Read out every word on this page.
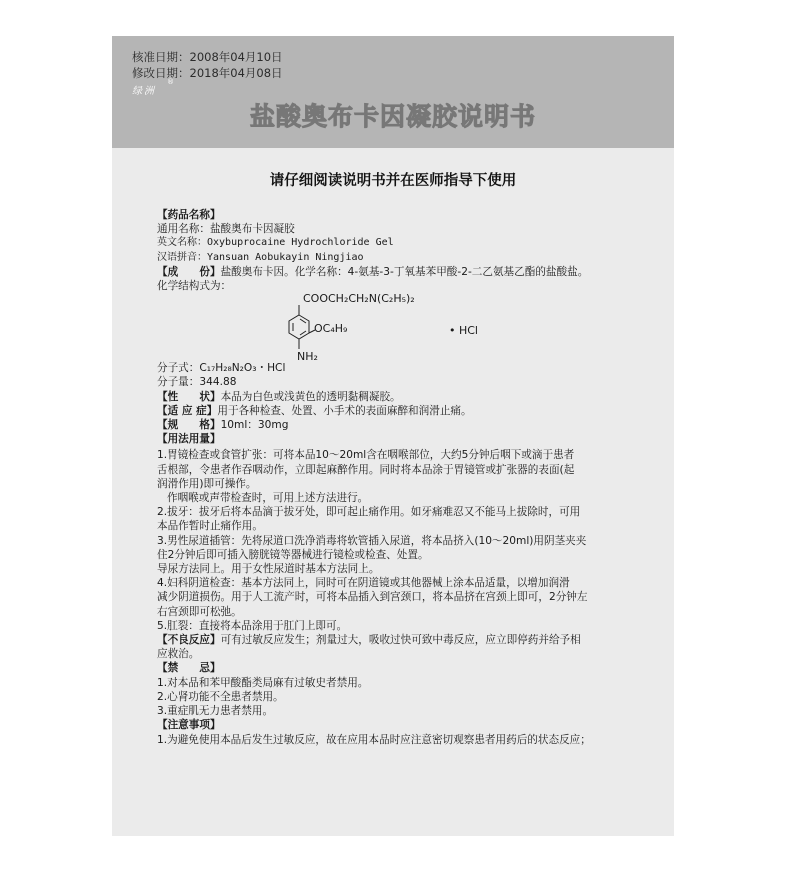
核准日期：2008年04月10日
修改日期：2018年04月08日
绿洲
®
盐酸奥布卡因凝胶说明书
请仔细阅读说明书并在医师指导下使用
【药品名称】
通用名称：盐酸奥布卡因凝胶
英文名称：Oxybuprocaine Hydrochloride Gel
汉语拼音：Yansuan Aobukayin Ningjiao
【成　　份】盐酸奥布卡因。化学名称：4-氨基-3-丁氧基苯甲酸-2-二乙氨基乙酯的盐酸盐。
化学结构式为：
COOCH₂CH₂N(C₂H₅)₂
OC₄H₉
NH₂
• HCl
分子式：C₁₇H₂₈N₂O₃・HCl
分子量：344.88
【性　　状】本品为白色或浅黄色的透明黏稠凝胶。
【适 应 症】用于各种检查、处置、小手术的表面麻醉和润滑止痛。
【规　　格】10ml：30mg
【用法用量】
1.胃镜检查或食管扩张：可将本品10～20ml含在咽喉部位，大约5分钟后咽下或滴于患者
舌根部，令患者作吞咽动作，立即起麻醉作用。同时将本品涂于胃镜管或扩张器的表面(起
润滑作用)即可操作。
作咽喉或声带检查时，可用上述方法进行。
2.拔牙：拔牙后将本品滴于拔牙处，即可起止痛作用。如牙痛难忍又不能马上拔除时，可用
本品作暂时止痛作用。
3.男性尿道插管：先将尿道口洗净消毒将软管插入尿道，将本品挤入(10～20ml)用阴茎夹夹
住2分钟后即可插入膀胱镜等器械进行镜检或检查、处置。
导尿方法同上。用于女性尿道时基本方法同上。
4.妇科阴道检查：基本方法同上，同时可在阴道镜或其他器械上涂本品适量，以增加润滑
减少阴道损伤。用于人工流产时，可将本品插入到宫颈口，将本品挤在宫颈上即可，2分钟左
右宫颈即可松弛。
5.肛裂：直接将本品涂用于肛门上即可。
【不良反应】可有过敏反应发生；剂量过大，吸收过快可致中毒反应，应立即停药并给予相
应救治。
【禁　　忌】
1.对本品和苯甲酸酯类局麻有过敏史者禁用。
2.心肾功能不全患者禁用。
3.重症肌无力患者禁用。
【注意事项】
1.为避免使用本品后发生过敏反应，故在应用本品时应注意密切观察患者用药后的状态反应；
